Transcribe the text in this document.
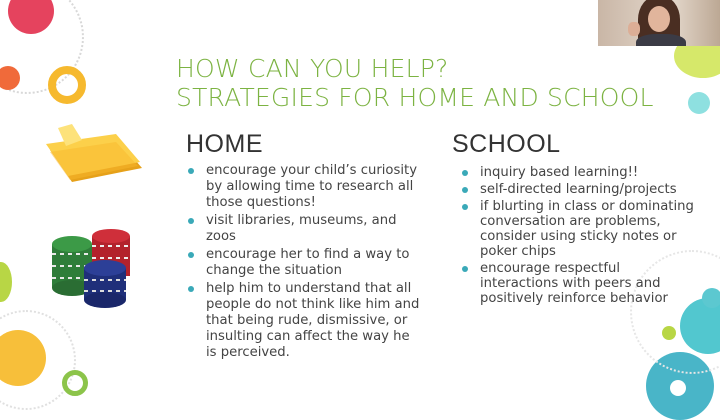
HOW CAN YOU HELP?
STRATEGIES FOR HOME AND SCHOOL
HOME
encourage your child’s curiosity by allowing time to research all those questions!
visit libraries, museums, and zoos
encourage her to find a way to change the situation
help him to understand that all people do not think like him and that being rude, dismissive, or insulting can affect the way he is perceived.
SCHOOL
inquiry based learning!!
self-directed learning/projects
if blurting in class or dominating conversation are problems, consider using sticky notes or poker chips
encourage respectful interactions with peers and positively reinforce behavior
